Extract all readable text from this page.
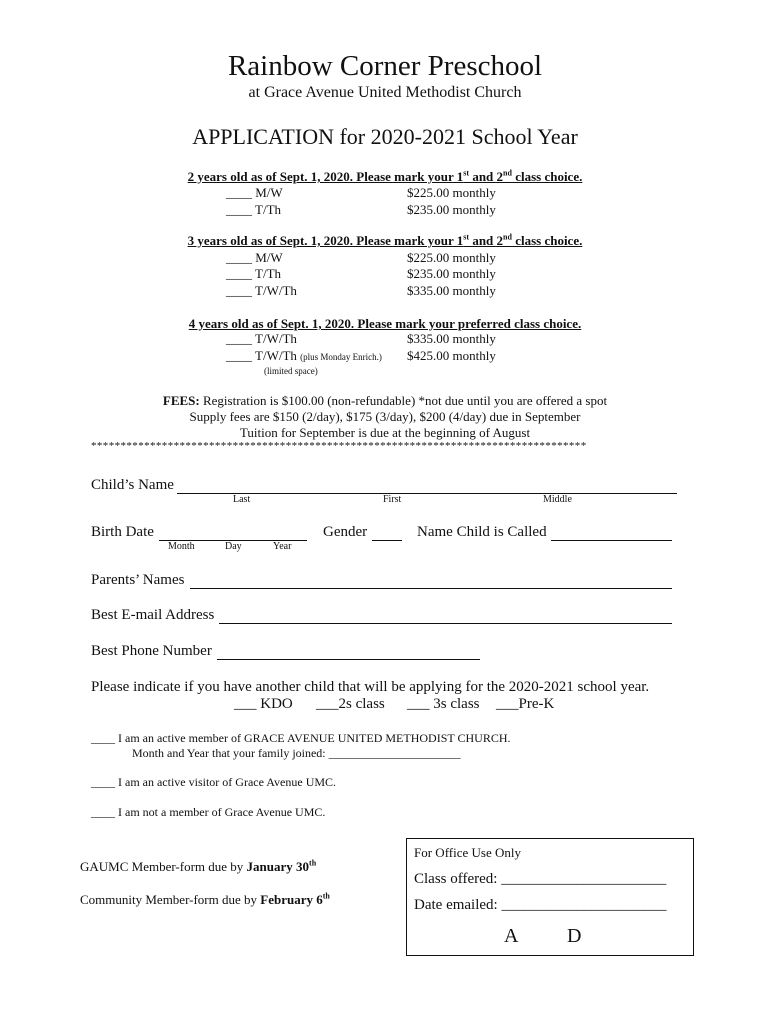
Rainbow Corner Preschool
at Grace Avenue United Methodist Church
APPLICATION for 2020-2021 School Year
2 years old as of Sept. 1, 2020. Please mark your 1st and 2nd class choice.
____ M/W	$225.00 monthly
____ T/Th	$235.00 monthly
3 years old as of Sept. 1, 2020. Please mark your 1st and 2nd class choice.
____ M/W	$225.00 monthly
____ T/Th	$235.00 monthly
____ T/W/Th	$335.00 monthly
4 years old as of Sept. 1, 2020. Please mark your preferred class choice.
____ T/W/Th	$335.00 monthly
____ T/W/Th (plus Monday Enrich.) $425.00 monthly
(limited space)
FEES: Registration is $100.00 (non-refundable) *not due until you are offered a spot
Supply fees are $150 (2/day), $175 (3/day), $200 (4/day) due in September
Tuition for September is due at the beginning of August
************************************************************************************
Child’s Name
Last	First	Middle
Birth Date
Month	Day	Year
Gender	Name Child is Called
Parents’ Names
Best E-mail Address
Best Phone Number
Please indicate if you have another child that will be applying for the 2020-2021 school year.
___ KDO ___2s class ___ 3s class ___Pre-K
____ I am an active member of GRACE AVENUE UNITED METHODIST CHURCH.
Month and Year that your family joined: ______________________
____ I am an active visitor of Grace Avenue UMC.
____ I am not a member of Grace Avenue UMC.
GAUMC Member-form due by January 30th
Community Member-form due by February 6th
For Office Use Only
Class offered: ______________________
Date emailed: ______________________
A D
